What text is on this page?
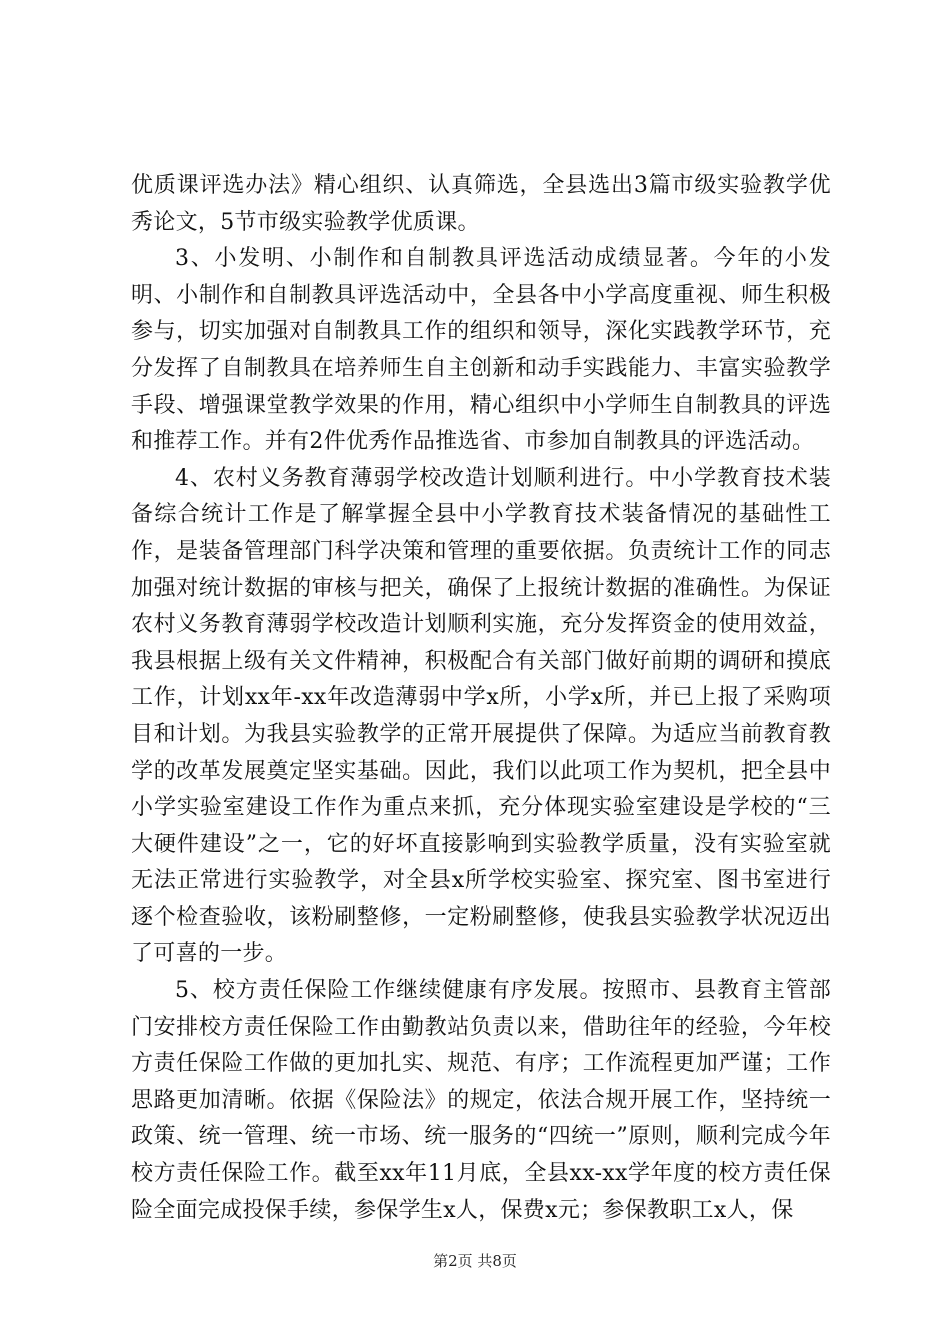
优质课评选办法》精心组织、认真筛选，全县选出3篇市级实验教学优秀论文，5节市级实验教学优质课。

3、小发明、小制作和自制教具评选活动成绩显著。今年的小发明、小制作和自制教具评选活动中，全县各中小学高度重视、师生积极参与，切实加强对自制教具工作的组织和领导，深化实践教学环节，充分发挥了自制教具在培养师生自主创新和动手实践能力、丰富实验教学手段、增强课堂教学效果的作用，精心组织中小学师生自制教具的评选和推荐工作。并有2件优秀作品推选省、市参加自制教具的评选活动。

4、农村义务教育薄弱学校改造计划顺利进行。中小学教育技术装备综合统计工作是了解掌握全县中小学教育技术装备情况的基础性工作，是装备管理部门科学决策和管理的重要依据。负责统计工作的同志加强对统计数据的审核与把关，确保了上报统计数据的准确性。为保证农村义务教育薄弱学校改造计划顺利实施，充分发挥资金的使用效益，我县根据上级有关文件精神，积极配合有关部门做好前期的调研和摸底工作，计划xx年-xx年改造薄弱中学x所，小学x所，并已上报了采购项目和计划。为我县实验教学的正常开展提供了保障。为适应当前教育教学的改革发展奠定坚实基础。因此，我们以此项工作为契机，把全县中小学实验室建设工作作为重点来抓，充分体现实验室建设是学校的“三大硬件建设”之一，它的好坏直接影响到实验教学质量，没有实验室就无法正常进行实验教学，对全县x所学校实验室、探究室、图书室进行逐个检查验收，该粉刷整修，一定粉刷整修，使我县实验教学状况迈出了可喜的一步。

5、校方责任保险工作继续健康有序发展。按照市、县教育主管部门安排校方责任保险工作由勤教站负责以来，借助往年的经验，今年校方责任保险工作做的更加扎实、规范、有序；工作流程更加严谨；工作思路更加清晰。依据《保险法》的规定，依法合规开展工作，坚持统一政策、统一管理、统一市场、统一服务的“四统一”原则，顺利完成今年校方责任保险工作。截至xx年11月底，全县xx-xx学年度的校方责任保险全面完成投保手续，参保学生x人，保费x元；参保教职工x人，保

第2页 共8页
